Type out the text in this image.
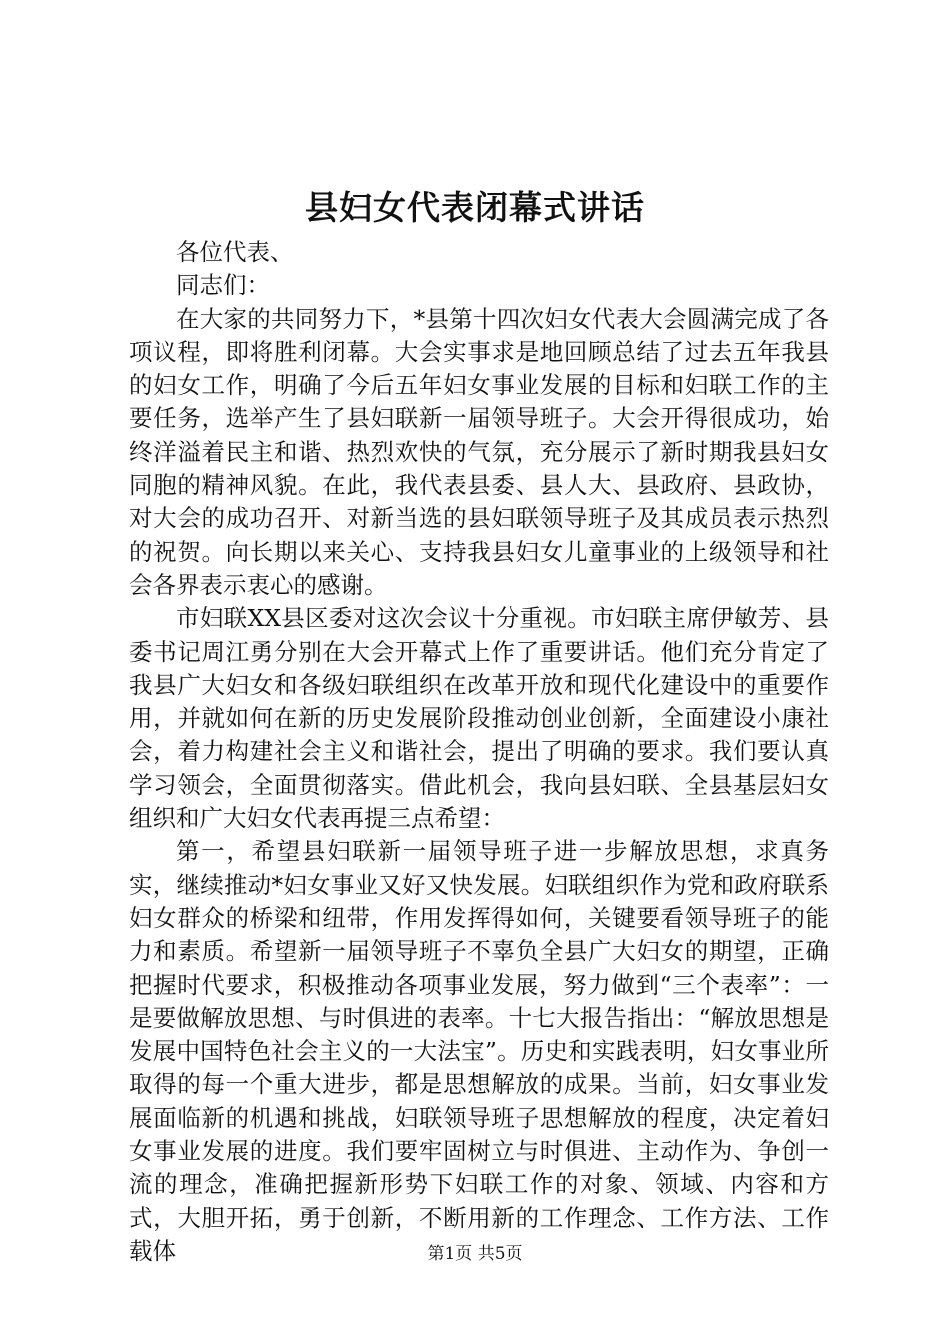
县妇女代表闭幕式讲话

各位代表、

同志们：

在大家的共同努力下，*县第十四次妇女代表大会圆满完成了各项议程，即将胜利闭幕。大会实事求是地回顾总结了过去五年我县的妇女工作，明确了今后五年妇女事业发展的目标和妇联工作的主要任务，选举产生了县妇联新一届领导班子。大会开得很成功，始终洋溢着民主和谐、热烈欢快的气氛，充分展示了新时期我县妇女同胞的精神风貌。在此，我代表县委、县人大、县政府、县政协，对大会的成功召开、对新当选的县妇联领导班子及其成员表示热烈的祝贺。向长期以来关心、支持我县妇女儿童事业的上级领导和社会各界表示衷心的感谢。

市妇联XX县区委对这次会议十分重视。市妇联主席伊敏芳、县委书记周江勇分别在大会开幕式上作了重要讲话。他们充分肯定了我县广大妇女和各级妇联组织在改革开放和现代化建设中的重要作用，并就如何在新的历史发展阶段推动创业创新，全面建设小康社会，着力构建社会主义和谐社会，提出了明确的要求。我们要认真学习领会，全面贯彻落实。借此机会，我向县妇联、全县基层妇女组织和广大妇女代表再提三点希望：

第一，希望县妇联新一届领导班子进一步解放思想，求真务实，继续推动*妇女事业又好又快发展。妇联组织作为党和政府联系妇女群众的桥梁和纽带，作用发挥得如何，关键要看领导班子的能力和素质。希望新一届领导班子不辜负全县广大妇女的期望，正确把握时代要求，积极推动各项事业发展，努力做到“三个表率”：一是要做解放思想、与时俱进的表率。十七大报告指出：“解放思想是发展中国特色社会主义的一大法宝”。历史和实践表明，妇女事业所取得的每一个重大进步，都是思想解放的成果。当前，妇女事业发展面临新的机遇和挑战，妇联领导班子思想解放的程度，决定着妇女事业发展的进度。我们要牢固树立与时俱进、主动作为、争创一流的理念，准确把握新形势下妇联工作的对象、领域、内容和方式，大胆开拓，勇于创新，不断用新的工作理念、工作方法、工作载体	第1页 共5页
